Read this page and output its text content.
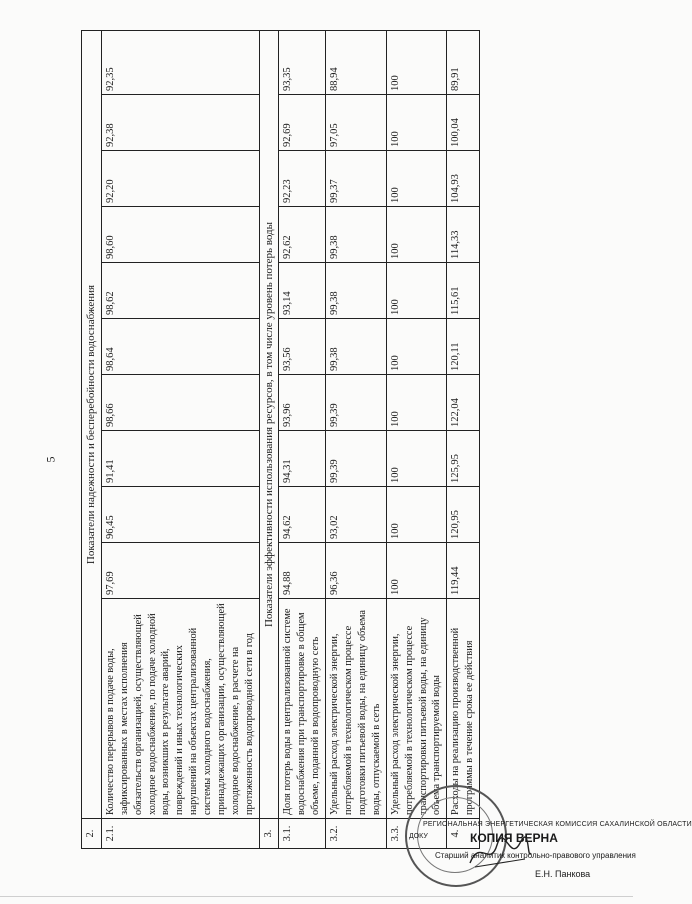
5
2.	Показатели надежности и бесперебойности водоснабжения										
2.1.	Количество перерывов в подаче воды, зафиксированных в местах исполнения обязательств организацией, осуществляющей холодное водоснабжение, по подаче холодной воды, возникших в результате аварий, повреждений и иных технологических нарушений на объектах централизованной системы холодного водоснабжения, принадлежащих организации, осуществляющей холодное водоснабжение, в расчете на протяженность водопроводной сети в год	97,69	96,45	91,41	98,66	98,64	98,62	98,60	92,20	92,38	92,35
3.	Показатели эффективности использования ресурсов, в том числе уровень потерь воды										
3.1.	Доля потерь воды в централизованной системе водоснабжения при транспортировке в общем объеме, поданной в водопроводную сеть	94,88	94,62	94,31	93,96	93,56	93,14	92,62	92,23	92,69	93,35
3.2.	Удельный расход электрической энергии, потребляемой в технологическом процессе подготовки питьевой воды, на единицу объема воды, отпускаемой в сеть	96,36	93,02	99,39	99,39	99,38	99,38	99,38	99,37	97,05	88,94
3.3.	Удельный расход электрической энергии, потребляемой в технологическом процессе транспортировки питьевой воды, на единицу объема транспортируемой воды	100	100	100	100	100	100	100	100	100	100
4.	Расходы на реализацию производственной программы в течение срока ее действия	119,44	120,95	125,95	122,04	120,11	115,61	114,33	104,93	100,04	89,91
РЕГИОНАЛЬНАЯ ЭНЕРГЕТИЧЕСКАЯ КОМИССИЯ САХАЛИНСКОЙ ОБЛАСТИ
ДОКУ	КОПИЯ ВЕРНА
Старший аналитик контрольно-правового управления
Е.Н. Панкова
